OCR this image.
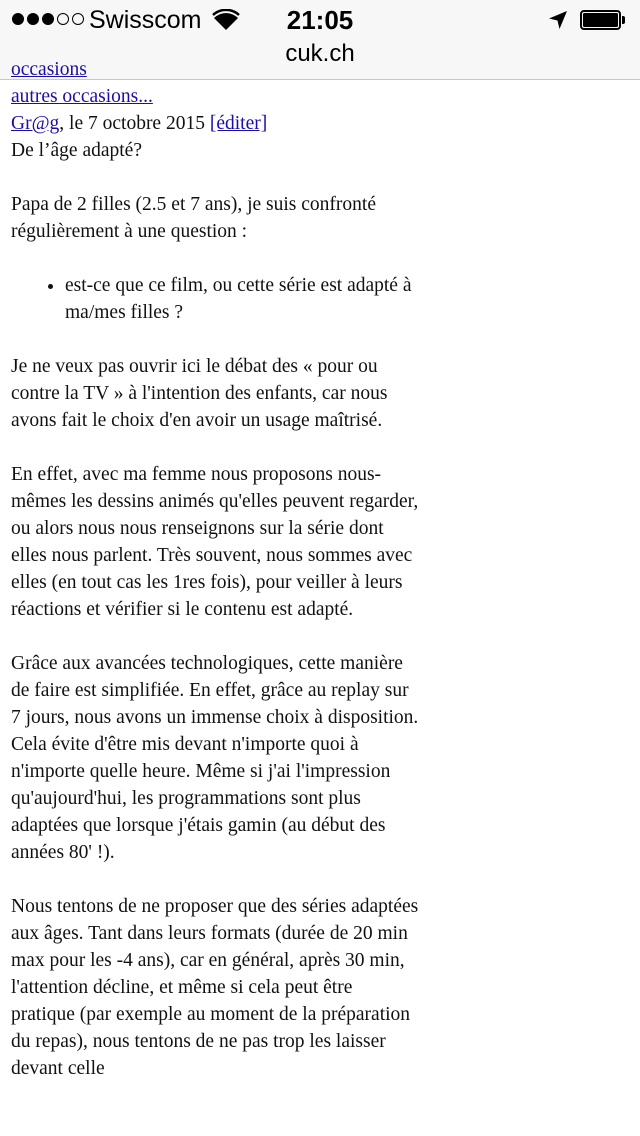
Swisscom	21:05
cuk.ch
occasions
autres occasions...
Gr@g, le 7 octobre 2015 [éditer]
De l’âge adapté?

Papa de 2 filles (2.5 et 7 ans), je suis confronté régulièrement à une question :

• est-ce que ce film, ou cette série est adapté à ma/mes filles ?

Je ne veux pas ouvrir ici le débat des « pour ou contre la TV » à l'intention des enfants, car nous avons fait le choix d'en avoir un usage maîtrisé.

En effet, avec ma femme nous proposons nous-mêmes les dessins animés qu'elles peuvent regarder, ou alors nous nous renseignons sur la série dont elles nous parlent. Très souvent, nous sommes avec elles (en tout cas les 1res fois), pour veiller à leurs réactions et vérifier si le contenu est adapté.

Grâce aux avancées technologiques, cette manière de faire est simplifiée. En effet, grâce au replay sur 7 jours, nous avons un immense choix à disposition. Cela évite d'être mis devant n'importe quoi à n'importe quelle heure. Même si j'ai l'impression qu'aujourd'hui, les programmations sont plus adaptées que lorsque j'étais gamin (au début des années 80' !).

Nous tentons de ne proposer que des séries adaptées aux âges. Tant dans leurs formats (durée de 20 min max pour les -4 ans), car en général, après 30 min, l'attention décline, et même si cela peut être pratique (par exemple au moment de la préparation du repas), nous tentons de ne pas trop les laisser devant celle
